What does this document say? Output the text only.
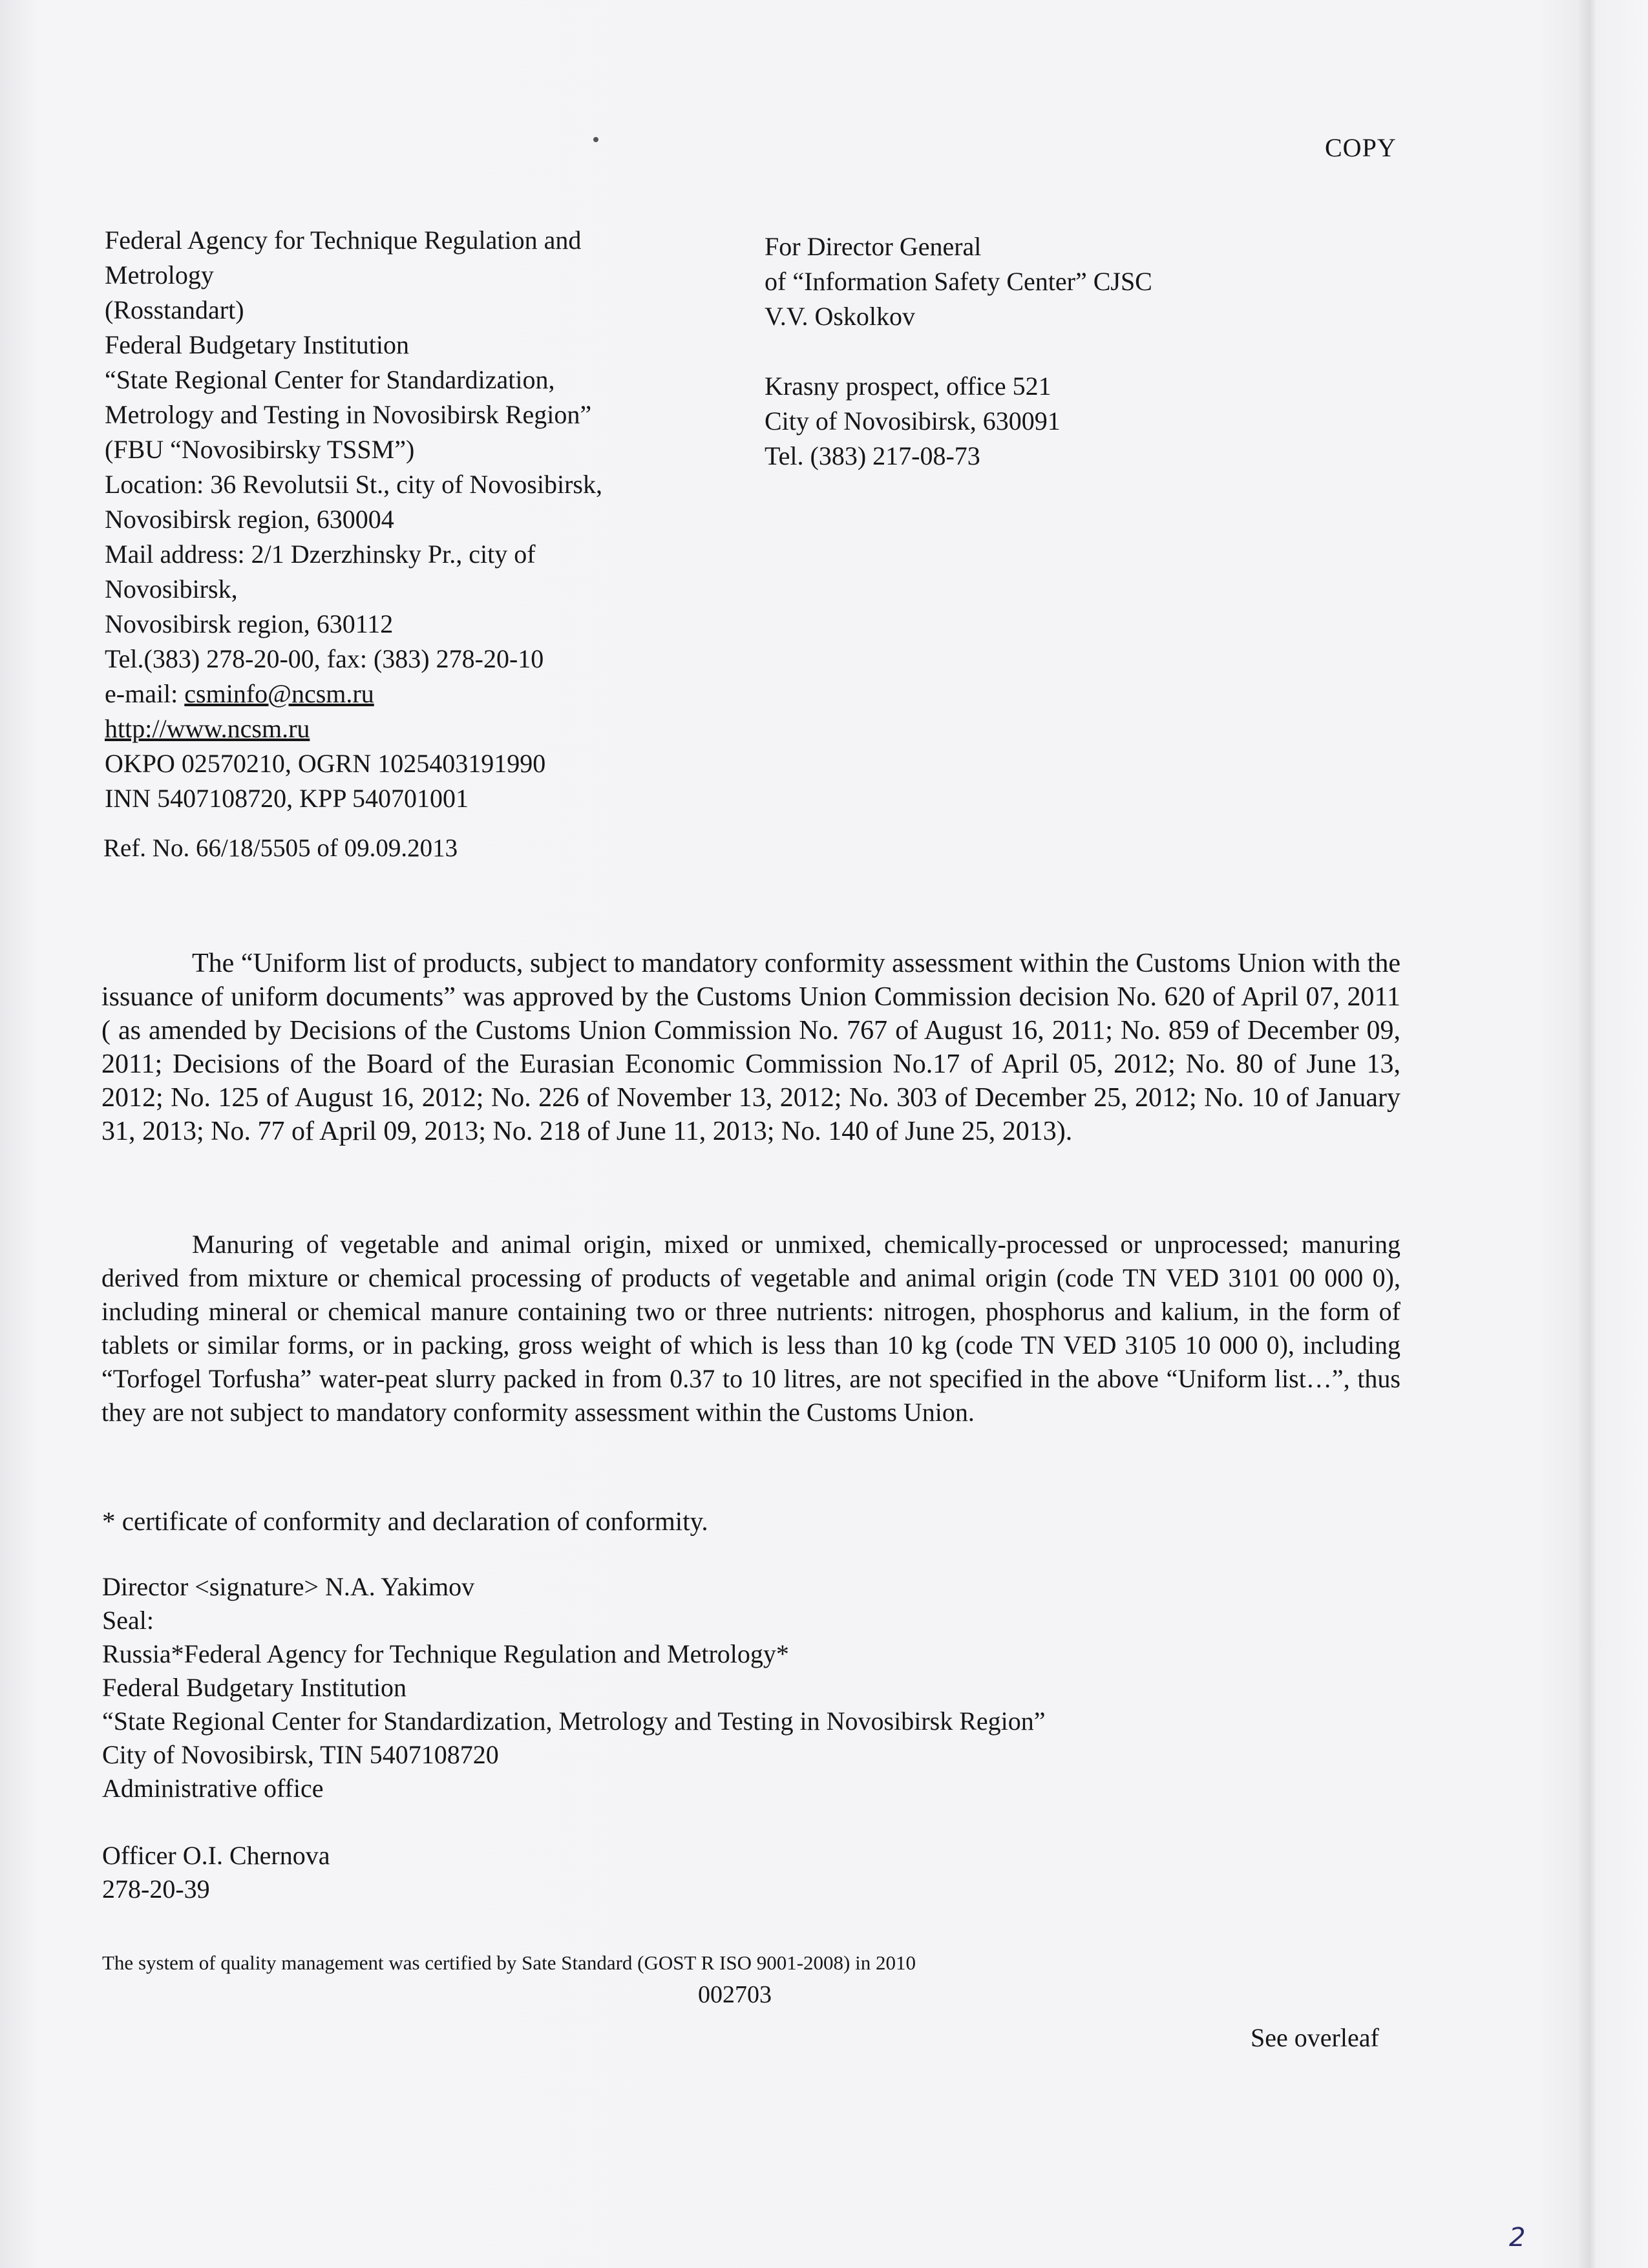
COPY
Federal Agency for Technique Regulation and
Metrology
(Rosstandart)
Federal Budgetary Institution
“State Regional Center for Standardization,
Metrology and Testing in Novosibirsk Region”
(FBU “Novosibirsky TSSM”)
Location: 36 Revolutsii St., city of Novosibirsk,
Novosibirsk region, 630004
Mail address: 2/1 Dzerzhinsky Pr., city of
Novosibirsk,
Novosibirsk region, 630112
Tel.(383) 278-20-00, fax: (383) 278-20-10
e-mail: csminfo@ncsm.ru
http://www.ncsm.ru
OKPO 02570210, OGRN 1025403191990
INN 5407108720, KPP 540701001
For Director General
of “Information Safety Center” CJSC
V.V. Oskolkov
Krasny prospect, office 521
City of Novosibirsk, 630091
Tel. (383) 217-08-73
Ref. No. 66/18/5505 of 09.09.2013
The “Uniform list of products, subject to mandatory conformity assessment within the Customs Union with the issuance of uniform documents” was approved by the Customs Union Commission decision No. 620 of April 07, 2011 ( as amended by Decisions of the Customs Union Commission No. 767 of August 16, 2011; No. 859 of December 09, 2011; Decisions of the Board of the Eurasian Economic Commission No.17 of April 05, 2012; No. 80 of June 13, 2012; No. 125 of August 16, 2012; No. 226 of November 13, 2012; No. 303 of December 25, 2012; No. 10 of January 31, 2013; No. 77 of April 09, 2013; No. 218 of June 11, 2013; No. 140 of June 25, 2013).
Manuring of vegetable and animal origin, mixed or unmixed, chemically-processed or unprocessed; manuring derived from mixture or chemical processing of products of vegetable and animal origin (code TN VED 3101 00 000 0), including mineral or chemical manure containing two or three nutrients: nitrogen, phosphorus and kalium, in the form of tablets or similar forms, or in packing, gross weight of which is less than 10 kg (code TN VED 3105 10 000 0), including “Torfogel Torfusha” water-peat slurry packed in from 0.37 to 10 litres, are not specified in the above “Uniform list…”, thus they are not subject to mandatory conformity assessment within the Customs Union.
* certificate of conformity and declaration of conformity.
Director <signature> N.A. Yakimov
Seal:
Russia*Federal Agency for Technique Regulation and Metrology*
Federal Budgetary Institution
“State Regional Center for Standardization, Metrology and Testing in Novosibirsk Region”
City of Novosibirsk, TIN 5407108720
Administrative office
Officer O.I. Chernova
278-20-39
The system of quality management was certified by Sate Standard (GOST R ISO 9001-2008) in 2010
002703
See overleaf
2
